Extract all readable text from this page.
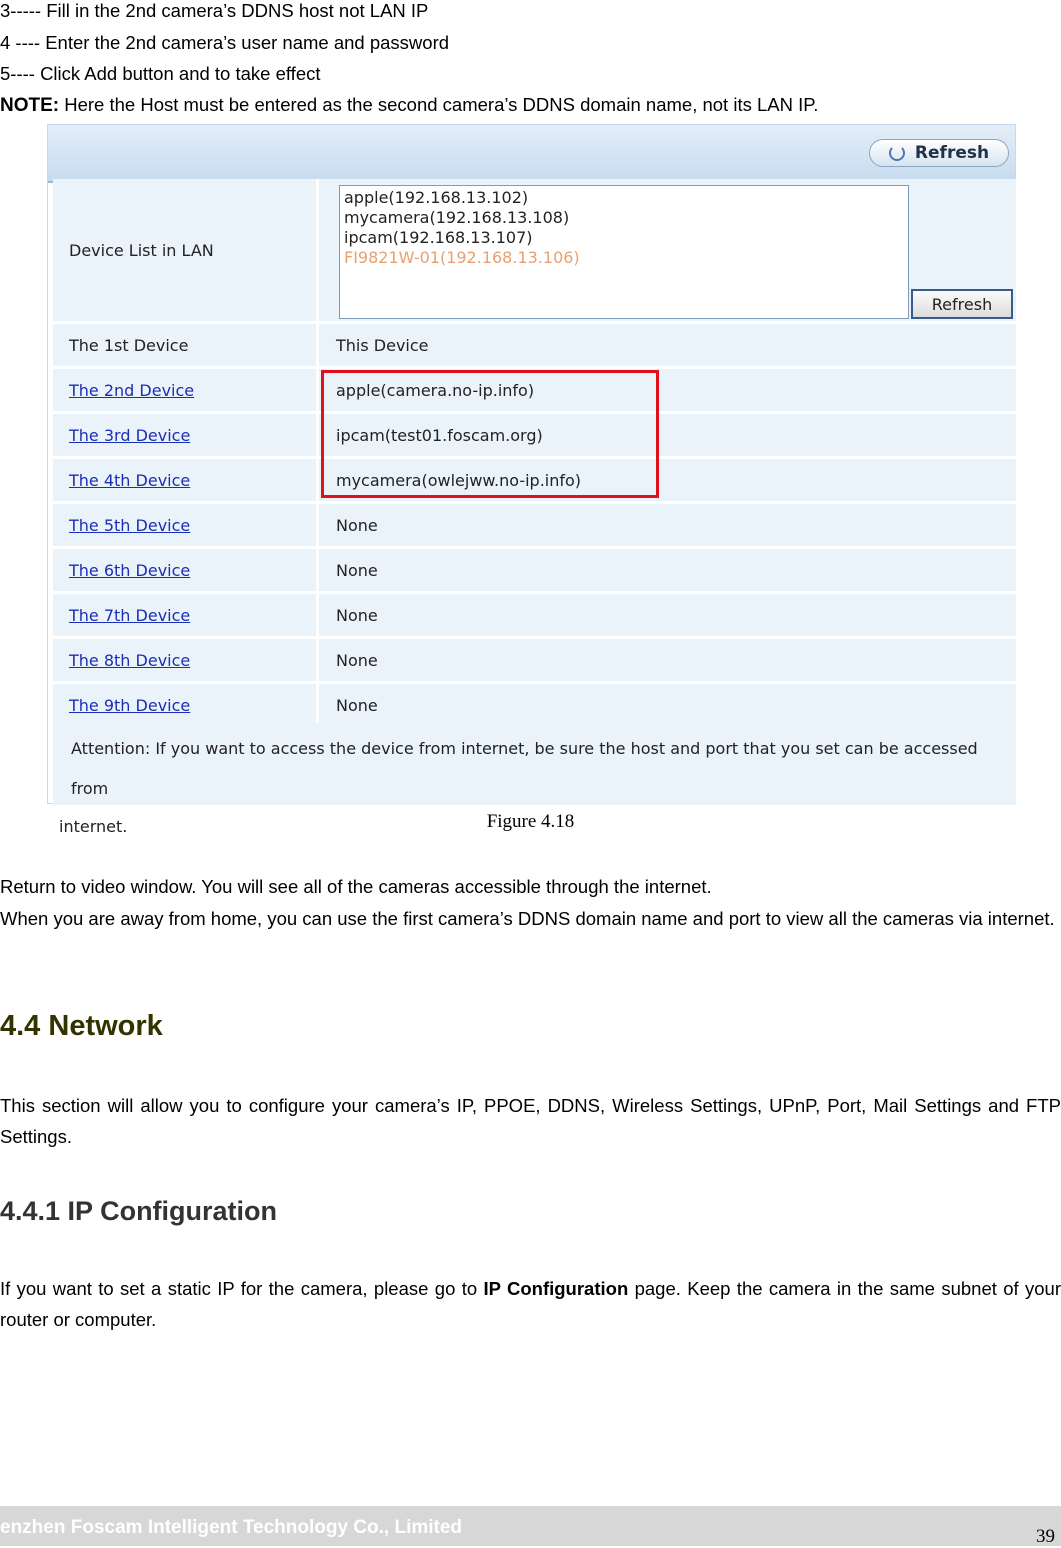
3----- Fill in the 2nd camera’s DDNS host not LAN IP
4 ---- Enter the 2nd camera’s user name and password
5---- Click Add button and to take effect
NOTE: Here the Host must be entered as the second camera’s DDNS domain name, not its LAN IP.
Refresh
Device List in LAN
apple(192.168.13.102)
mycamera(192.168.13.108)
ipcam(192.168.13.107)
FI9821W-01(192.168.13.106)
Refresh
The 1st Device	This Device
The 2nd Device	apple(camera.no-ip.info)
The 3rd Device	ipcam(test01.foscam.org)
The 4th Device	mycamera(owlejww.no-ip.info)
The 5th Device	None
The 6th Device	None
The 7th Device	None
The 8th Device	None
The 9th Device	None
Attention: If you want to access the device from internet, be sure the host and port that you set can be accessed from
internet.	Figure 4.18
Return to video window. You will see all of the cameras accessible through the internet.
When you are away from home, you can use the first camera’s DDNS domain name and port to view all the cameras via internet.
4.4 Network
This section will allow you to configure your camera’s IP, PPOE, DDNS, Wireless Settings, UPnP, Port, Mail Settings and FTP Settings.
4.4.1 IP Configuration
If you want to set a static IP for the camera, please go to IP Configuration page. Keep the camera in the same subnet of your router or computer.
enzhen Foscam Intelligent Technology Co., Limited	39
